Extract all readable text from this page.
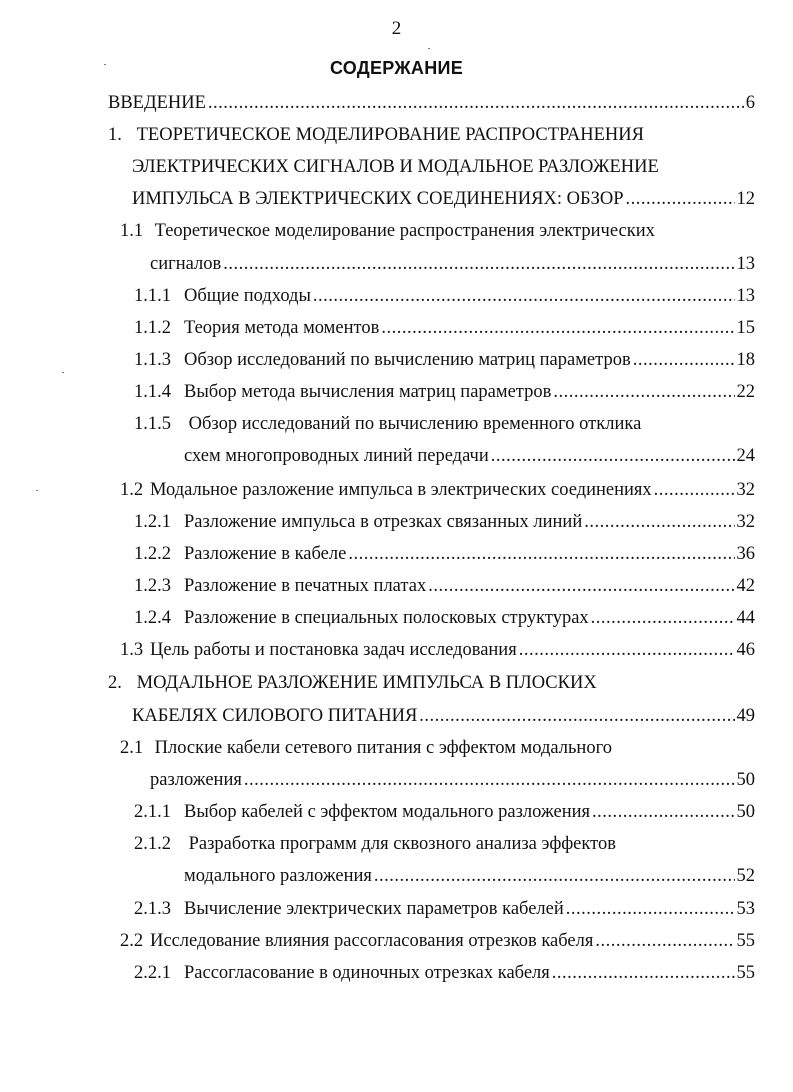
2
СОДЕРЖАНИЕ
ВВЕДЕНИЕ .....	6
1. ТЕОРЕТИЧЕСКОЕ МОДЕЛИРОВАНИЕ РАСПРОСТРАНЕНИЯ
ЭЛЕКТРИЧЕСКИХ СИГНАЛОВ И МОДАЛЬНОЕ РАЗЛОЖЕНИЕ
ИМПУЛЬСА В ЭЛЕКТРИЧЕСКИХ СОЕДИНЕНИЯХ: ОБЗОР .....	12
1.1 Теоретическое моделирование распространения электрических
сигналов .....	13
1.1.1 Общие подходы .....	13
1.1.2 Теория метода моментов .....	15
1.1.3 Обзор исследований по вычислению матриц параметров .....	18
1.1.4 Выбор метода вычисления матриц параметров .....	22
1.1.5 Обзор исследований по вычислению временного отклика
схем многопроводных линий передачи .....	24
1.2 Модальное разложение импульса в электрических соединениях .....	32
1.2.1 Разложение импульса в отрезках связанных линий .....	32
1.2.2 Разложение в кабеле .....	36
1.2.3 Разложение в печатных платах .....	42
1.2.4 Разложение в специальных полосковых структурах .....	44
1.3 Цель работы и постановка задач исследования .....	46
2. МОДАЛЬНОЕ РАЗЛОЖЕНИЕ ИМПУЛЬСА В ПЛОСКИХ
КАБЕЛЯХ СИЛОВОГО ПИТАНИЯ .....	49
2.1 Плоские кабели сетевого питания с эффектом модального
разложения .....	50
2.1.1 Выбор кабелей с эффектом модального разложения .....	50
2.1.2 Разработка программ для сквозного анализа эффектов
модального разложения .....	52
2.1.3 Вычисление электрических параметров кабелей .....	53
2.2 Исследование влияния рассогласования отрезков кабеля .....	55
2.2.1 Рассогласование в одиночных отрезках кабеля .....	55
